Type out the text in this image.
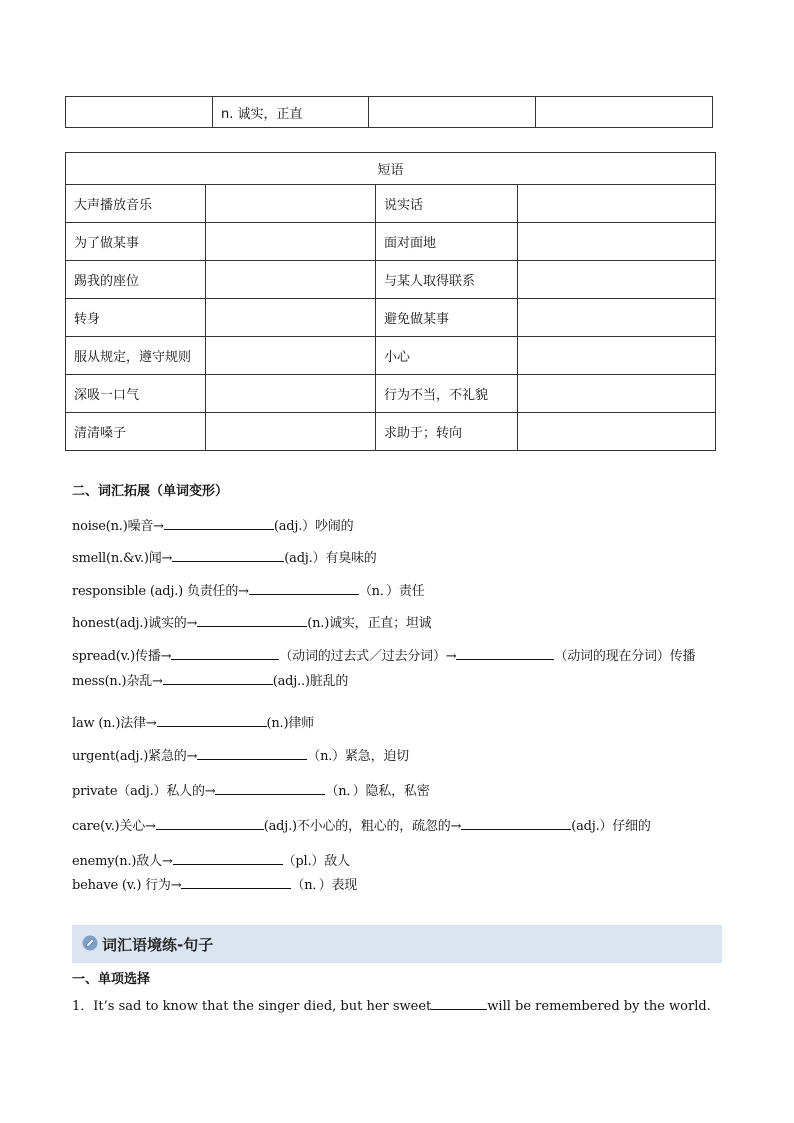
	n. 诚实，正直		
短语			
大声播放音乐		说实话	
为了做某事		面对面地	
踢我的座位		与某人取得联系	
转身		避免做某事	
服从规定，遵守规则		小心	
深吸一口气		行为不当，不礼貌	
清清嗓子		求助于；转向	
二、词汇拓展（单词变形）
noise(n.)噪音→	(adj.）吵闹的
smell(n.&v.)闻→	(adj.）有臭味的
responsible (adj.) 负责任的→	（n．）责任
honest(adj.)诚实的→	(n.)诚实，正直；坦诚
spread(v.)传播→	（动词的过去式／过去分词）→	（动词的现在分词）传播
mess(n.)杂乱→	(adj..)脏乱的
law (n.)法律→	(n.)律师
urgent(adj.)紧急的→	（n.）紧急，迫切
private（adj.）私人的→	（n．）隐私，私密
care(v.)关心→	(adj.)不小心的，粗心的，疏忽的→	(adj.）仔细的
enemy(n.)敌人→	（pl.）敌人
behave (v.) 行为→	（n．）表现
词汇语境练-句子
一、单项选择
1．It’s sad to know that the singer died, but her sweet	will be remembered by the world.
